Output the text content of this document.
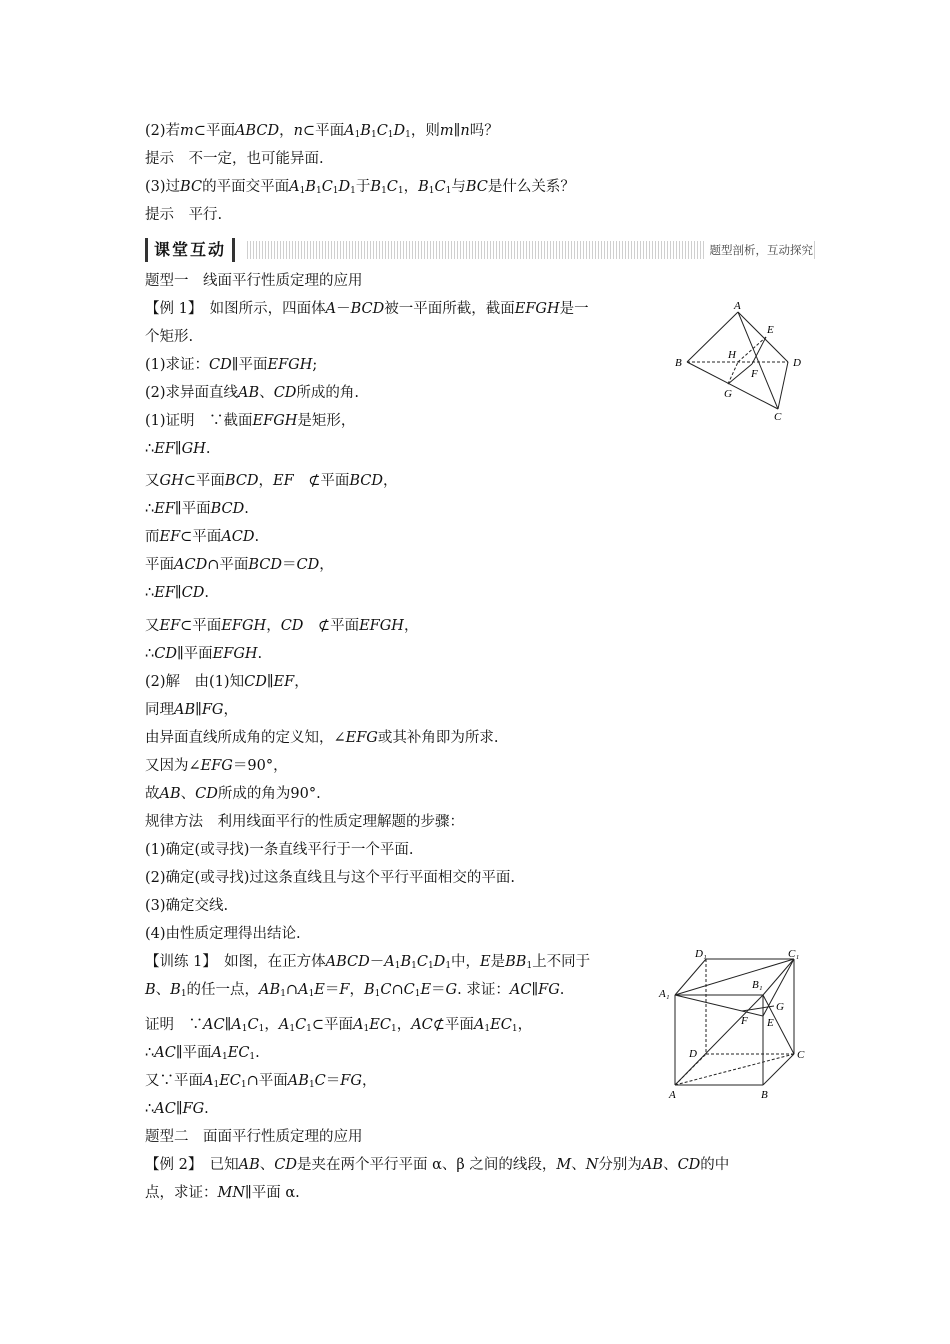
(2)若m⊂平面ABCD，n⊂平面$A_1B_1C_1D_1$，则m∥n吗？
提示　不一定，也可能异面.
(3)过BC的平面交平面$A_1B_1C_1D_1$于$B_1C_1$，$B_1C_1$与BC是什么关系？
提示　平行.
题型一　线面平行性质定理的应用
【例 1】　如图所示，四面体A－BCD被一平面所截，截面EFGH是一
个矩形.
(1)求证：CD∥平面EFGH;
(2)求异面直线AB、CD所成的角.
(1)证明　∵截面EFGH是矩形，
∴EF∥GH.
又GH⊂平面BCD，EF　⊄平面BCD，
∴EF∥平面BCD.
而EF⊂平面ACD.
平面ACD∩平面BCD＝CD，
∴EF∥CD.
又EF⊂平面EFGH，CD　⊄平面EFGH，
∴CD∥平面EFGH.
(2)解　由(1)知CD∥EF，
同理AB∥FG，
由异面直线所成角的定义知，∠EFG或其补角即为所求.
又因为∠EFG＝90°，
故AB、CD所成的角为90°.
规律方法　利用线面平行的性质定理解题的步骤：
(1)确定(或寻找)一条直线平行于一个平面.
(2)确定(或寻找)过这条直线且与这个平行平面相交的平面.
(3)确定交线.
(4)由性质定理得出结论.
【训练 1】　如图，在正方体$ABCD-A_1B_1C_1D_1$中，E是$BB_1$上不同于
B、$B_1$的任一点，$AB_1\cap A_1E=F$，$B_1C\cap C_1E=G$. 求证：AC∥FG.
证明　$\because AC\parallel A_1C_1$，$A_1C_1\subset$平面$A_1EC_1$，AC⊄平面$A_1EC_1$，
∴AC∥平面$A_1EC_1$.
又∵平面$A_1EC_1\cap$平面$AB_1C=FG$，
∴AC∥FG.
题型二　面面平行性质定理的应用
【例 2】　已知AB、CD是夹在两个平行平面 α、β 之间的线段，M、N分别为AB、CD的中
点，求证：MN∥平面 α.
课堂互动	题型剖析，互动探究
A
B
C
D
E
F
G
H
D₁	C₁
A₁
B₁
G
E
F
D	C
A	B
